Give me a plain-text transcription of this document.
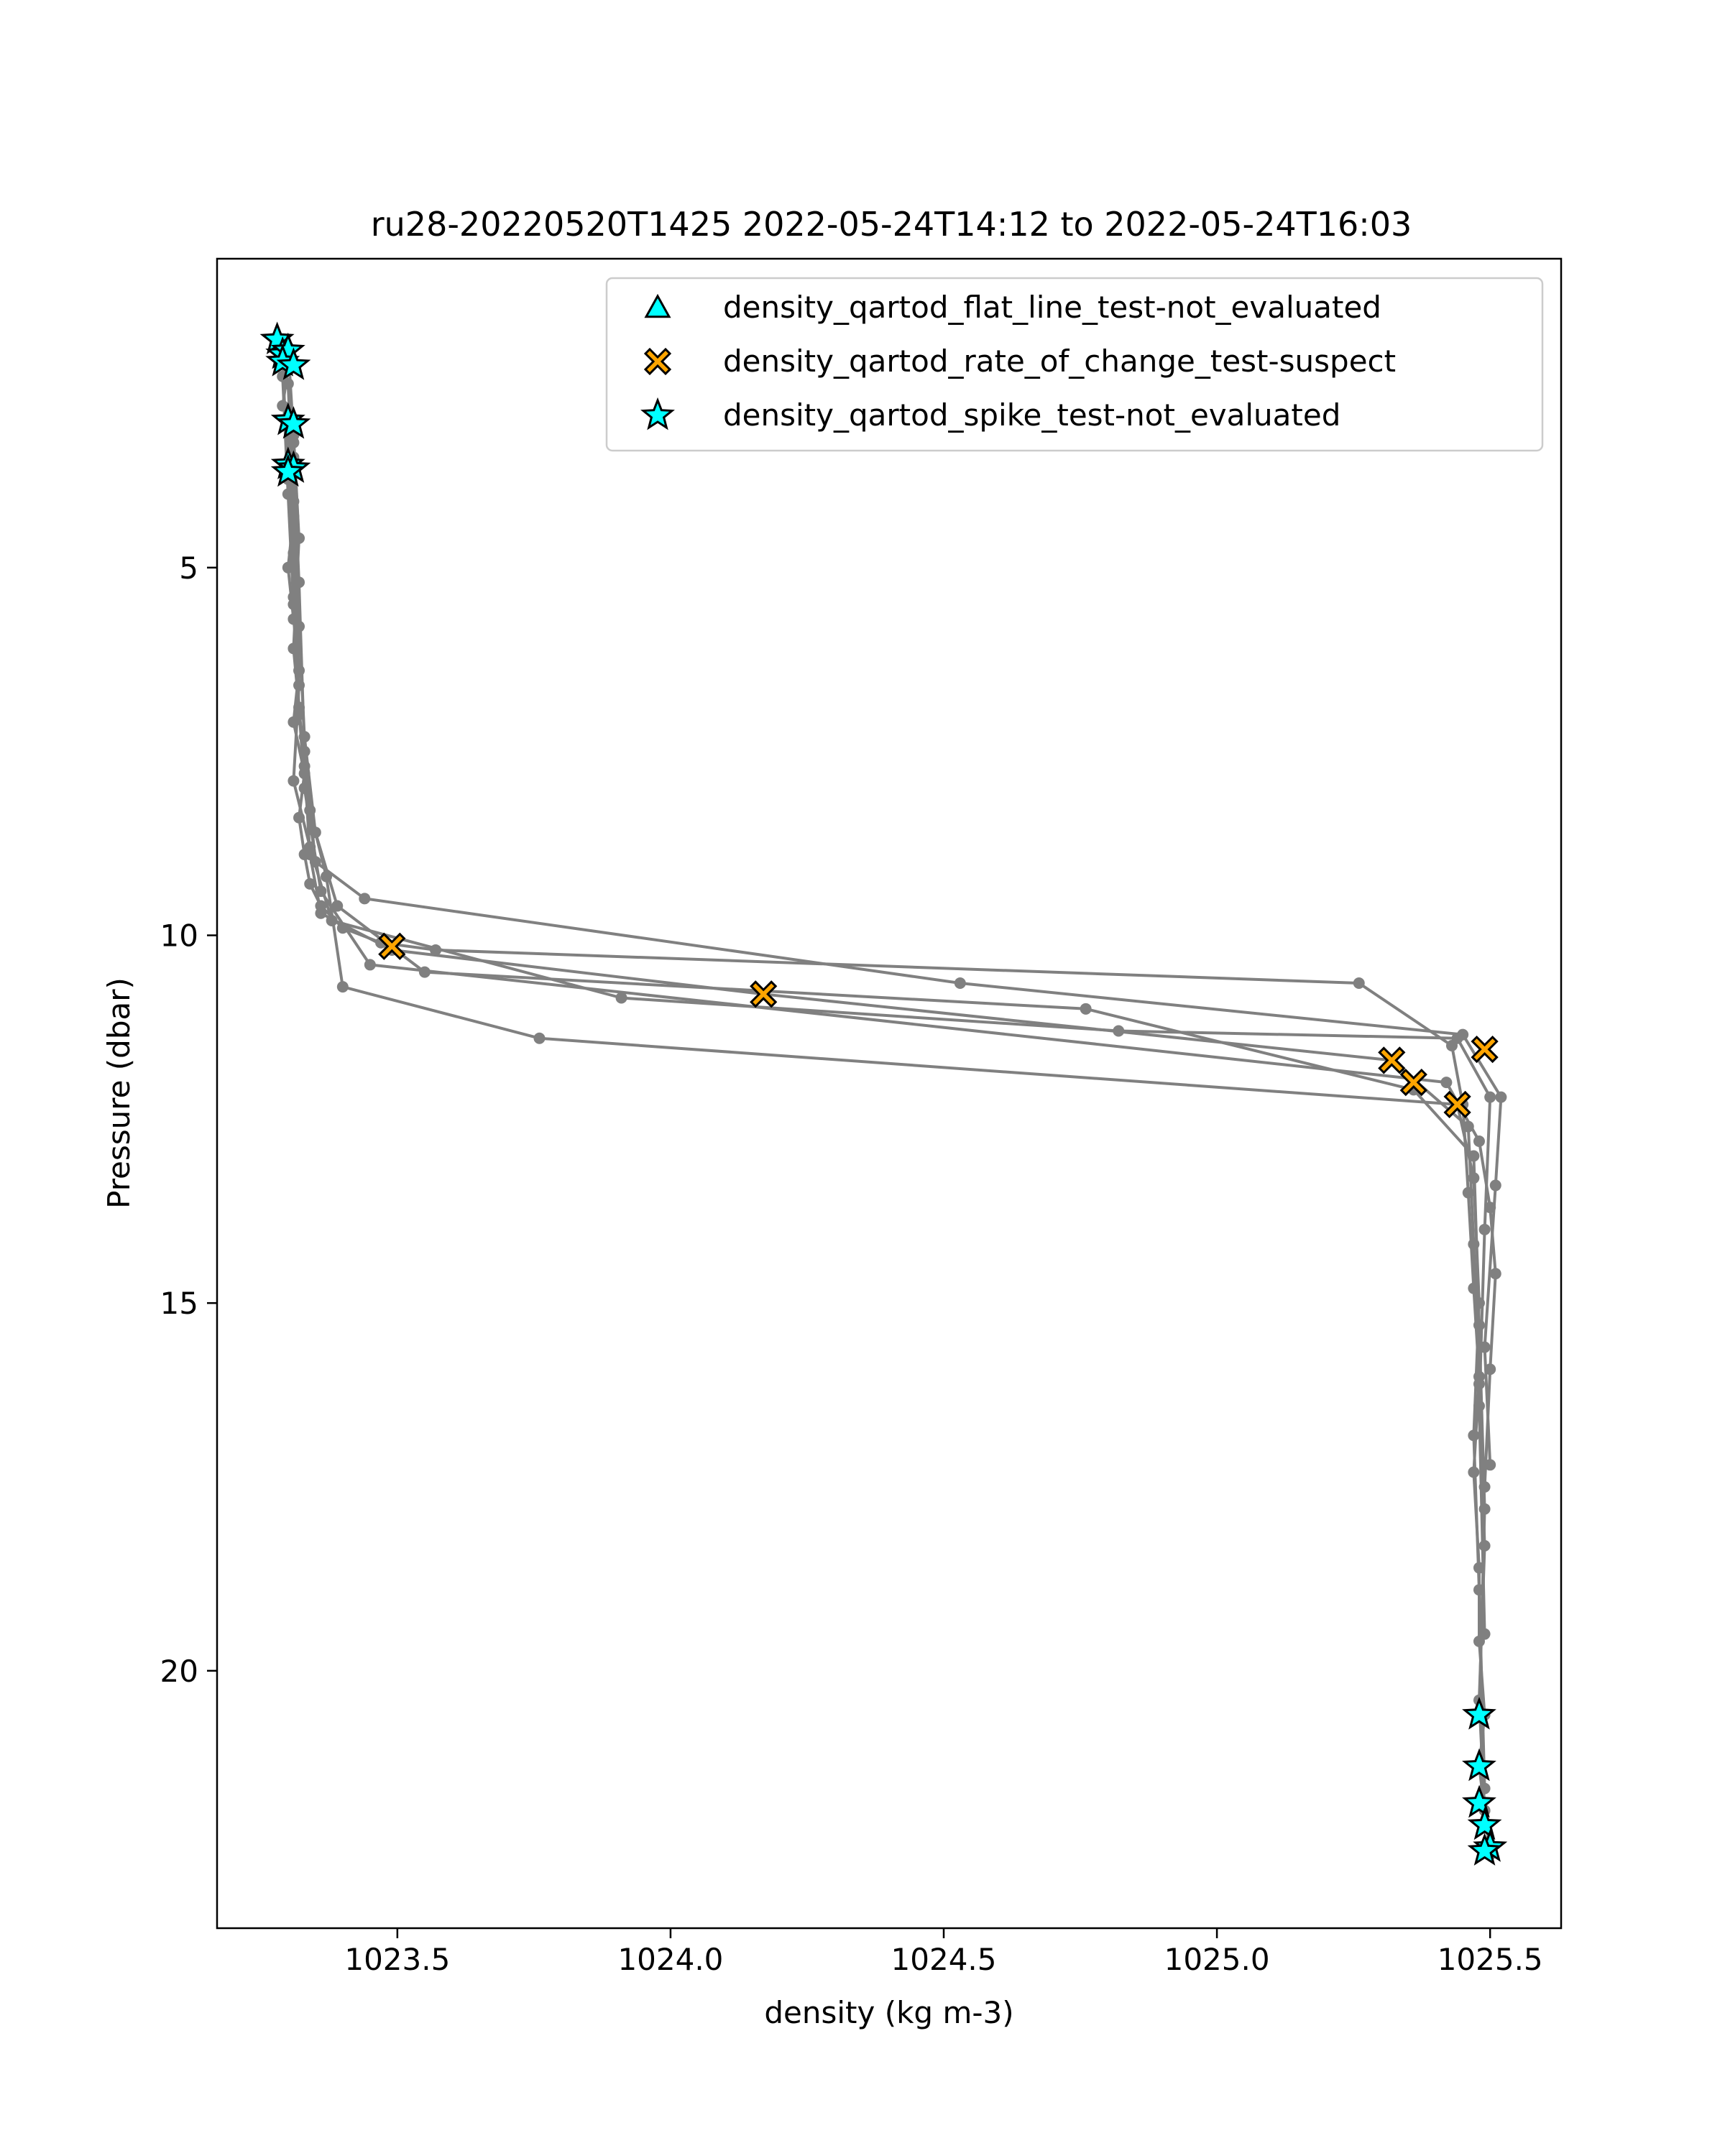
ru28-20220520T1425 2022-05-24T14:12 to 2022-05-24T16:03
1023.5	1024.0	1024.5	1025.0	1025.5
5
10
15
20
density (kg m-3)
Pressure (dbar)
density_qartod_flat_line_test-not_evaluated
density_qartod_rate_of_change_test-suspect
density_qartod_spike_test-not_evaluated
